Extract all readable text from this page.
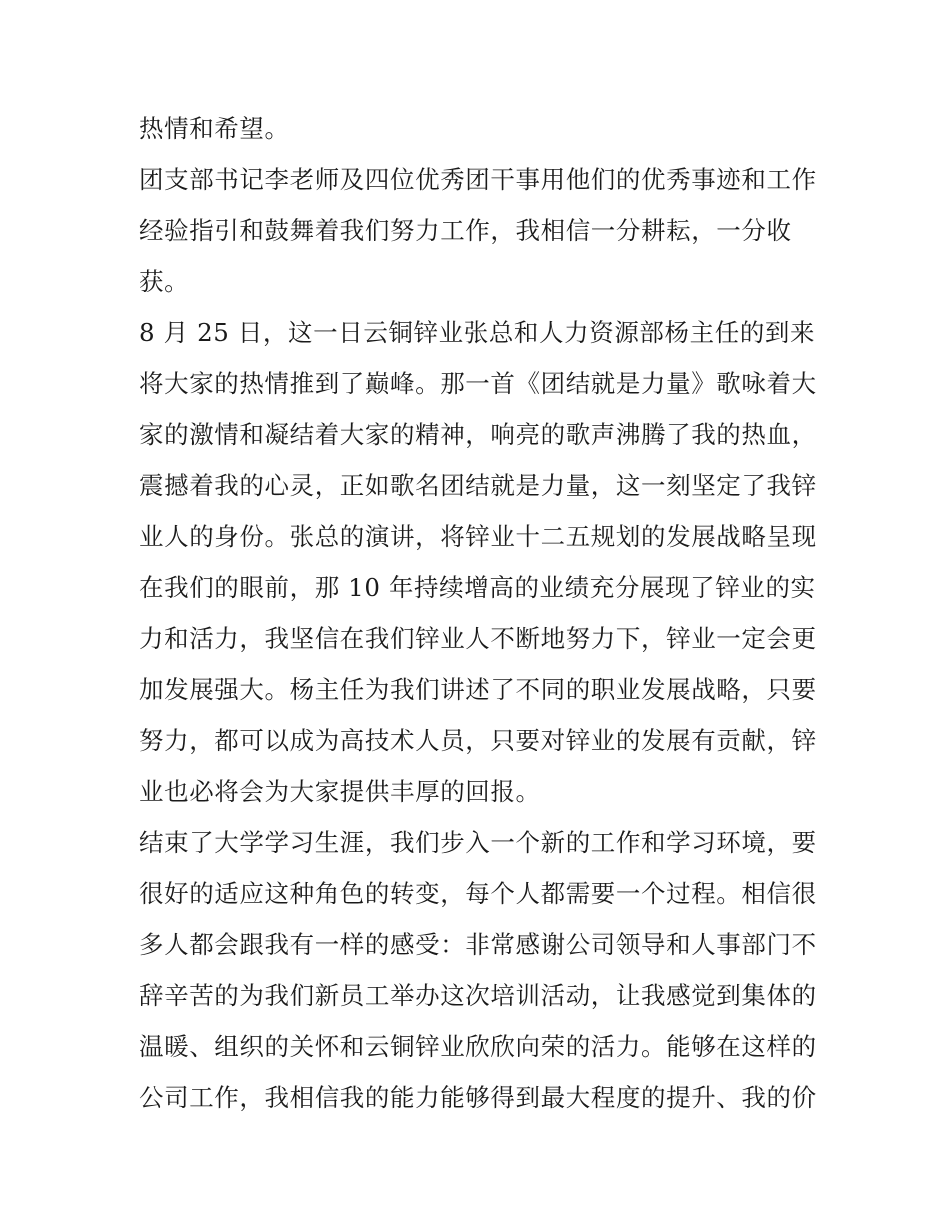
热情和希望。
团支部书记李老师及四位优秀团干事用他们的优秀事迹和工作
经验指引和鼓舞着我们努力工作，我相信一分耕耘，一分收
获。
8 月 25 日，这一日云铜锌业张总和人力资源部杨主任的到来
将大家的热情推到了巅峰。那一首《团结就是力量》歌咏着大
家的激情和凝结着大家的精神，响亮的歌声沸腾了我的热血，
震撼着我的心灵，正如歌名团结就是力量，这一刻坚定了我锌
业人的身份。张总的演讲，将锌业十二五规划的发展战略呈现
在我们的眼前，那 10 年持续增高的业绩充分展现了锌业的实
力和活力，我坚信在我们锌业人不断地努力下，锌业一定会更
加发展强大。杨主任为我们讲述了不同的职业发展战略，只要
努力，都可以成为高技术人员，只要对锌业的发展有贡献，锌
业也必将会为大家提供丰厚的回报。
结束了大学学习生涯，我们步入一个新的工作和学习环境，要
很好的适应这种角色的转变，每个人都需要一个过程。相信很
多人都会跟我有一样的感受：非常感谢公司领导和人事部门不
辞辛苦的为我们新员工举办这次培训活动，让我感觉到集体的
温暖、组织的关怀和云铜锌业欣欣向荣的活力。能够在这样的
公司工作，我相信我的能力能够得到最大程度的提升、我的价
